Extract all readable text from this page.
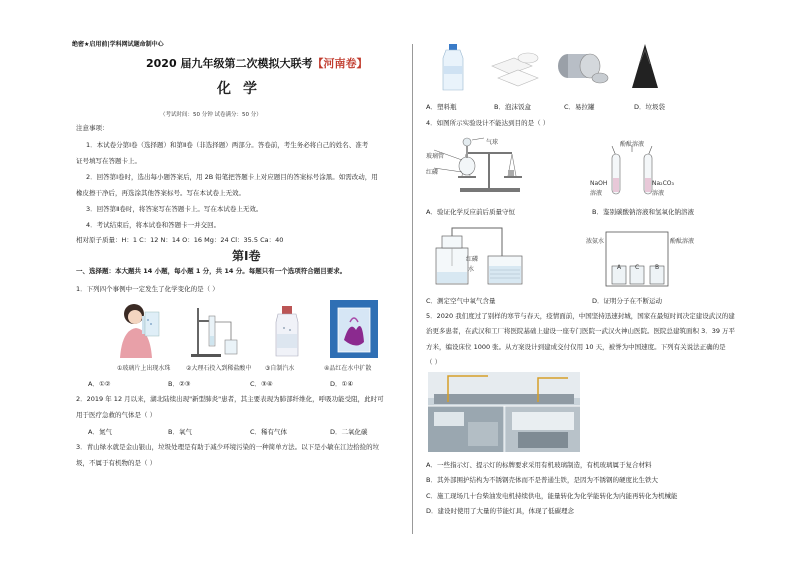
绝密★启用前|学科网试题命制中心
2020 届九年级第二次模拟大联考【河南卷】
化学
（考试时间：50 分钟 试卷满分：50 分）
注意事项：
1．本试卷分第Ⅰ卷（选择题）和第Ⅱ卷（非选择题）两部分。答卷前，考生务必将自己的姓名、准考
证号填写在答题卡上。
2．回答第Ⅰ卷时，选出每小题答案后，用 2B 铅笔把答题卡上对应题目的答案标号涂黑。如需改动，用
橡皮擦干净后，再选涂其他答案标号。写在本试卷上无效。
3．回答第Ⅱ卷时，将答案写在答题卡上。写在本试卷上无效。
4．考试结束后，将本试卷和答题卡一并交回。
相对原子质量：H：1 C：12 N：14 O：16 Mg：24 Cl：35.5 Ca：40
第Ⅰ卷
一、选择题：本大题共 14 小题，每小题 1 分，共 14 分。每题只有一个选项符合题目要求。
1．下列四个事例中一定发生了化学变化的是（ ）
①玻璃片上出现水珠	②大理石投入到稀盐酸中 ③自制汽水	④品红在水中扩散
A．①②	B．②③	C．③④	D．①④
2．2019 年 12 月以来，湖北陆续出现"新型肺炎"患者，其主要表现为肺部纤维化，呼吸功能受阻，此时可
用于医疗急救的气体是（ ）
A．氮气	B．氧气	C．稀有气体	D．二氧化碳
3．青山绿水就是金山银山，垃圾处理是有助于减少环境污染的一种简单方法。以下是小敏在江边拾捡的垃
圾，不属于有机物的是（ ）
A．塑料瓶	B．泡沫饭盒	C．易拉罐	D．垃圾袋
4．如图所示实验设计不能达到目的是（ ）
玻璃管
气球
红磷
酚酞溶液
NaOH
溶液
Na₂CO₃
溶液
A．验证化学反应前后质量守恒	B．鉴别碳酸钠溶液和氢氧化钠溶液
红磷
水
浓氨水	酚酞溶液
A C	B
C．测定空气中氧气含量	D．证明分子在不断运动
5．2020 我们度过了别样的寒节与春天，疫情面前，中国坚持迅速封城，国家在最短时间决定建设武汉的建
治更多患者，在武汉和工厂将医院基础上建设一座专门医院一武汉火神山医院。医院总建筑面积 3．39 万平
方米，编设床位 1000 张。从方案设计到建成交付仅用 10 天，被誉为中国速度。下列有关说法正确的是
（ ）
A．一些指示灯、提示灯的标牌要求采用有机玻璃制造，有机玻璃属于复合材料
B．其外部围护结构为不锈钢壳体而不是普通生铁，是因为不锈钢的硬度比生铁大
C．施工现场几十台柴油发电机持续供电，能量转化为化学能转化为内能再转化为机械能
D．建设时使用了大量的节能灯具，体现了低碳理念
